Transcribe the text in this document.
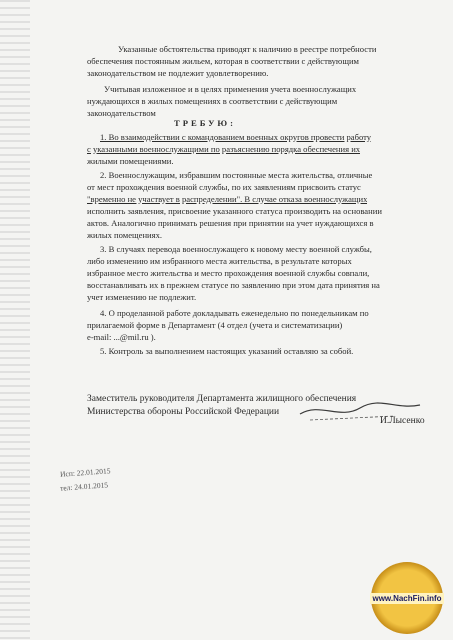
Указанные обстоятельства приводят к наличию в реестре потребности
обеспечения постоянным жильем, которая в соответствии с действующим
законодательством не подлежит удовлетворению.
Учитывая изложенное и в целях применения учета военнослужащих
нуждающихся в жилых помещениях в соответствии с действующим
законодательством
ТРЕБУЮ:
1. Во взаимодействии с командованием военных округов провести работу
с указанными военнослужащими по разъяснению порядка обеспечения их
жилыми помещениями.
2. Военнослужащим, избравшим постоянные места жительства, отличные
от мест прохождения военной службы, по их заявлениям присвоить статус
"временно не участвует в распределении". В случае отказа военнослужащих
исполнить заявления, присвоение указанного статуса производить на основании
актов. Аналогично принимать решения при принятии на учет нуждающихся в
жилых помещениях.
3. В случаях перевода военнослужащего к новому месту военной службы,
либо изменению им избранного места жительства, в результате которых
избранное место жительства и место прохождения военной службы совпали,
восстанавливать их в прежнем статусе по заявлению при этом дата принятия на
учет изменению не подлежит.
4. О проделанной работе докладывать еженедельно по понедельникам по
прилагаемой форме в Департамент (4 отдел (учета и систематизации)
e-mail: ...@mil.ru ).
5. Контроль за выполнением настоящих указаний оставляю за собой.
Заместитель руководителя Департамента жилищного обеспечения
Министерства обороны Российской Федерации
И.Лысенко
Исп: 22.01.2015
тел: 24.01.2015
www.NachFin.info
